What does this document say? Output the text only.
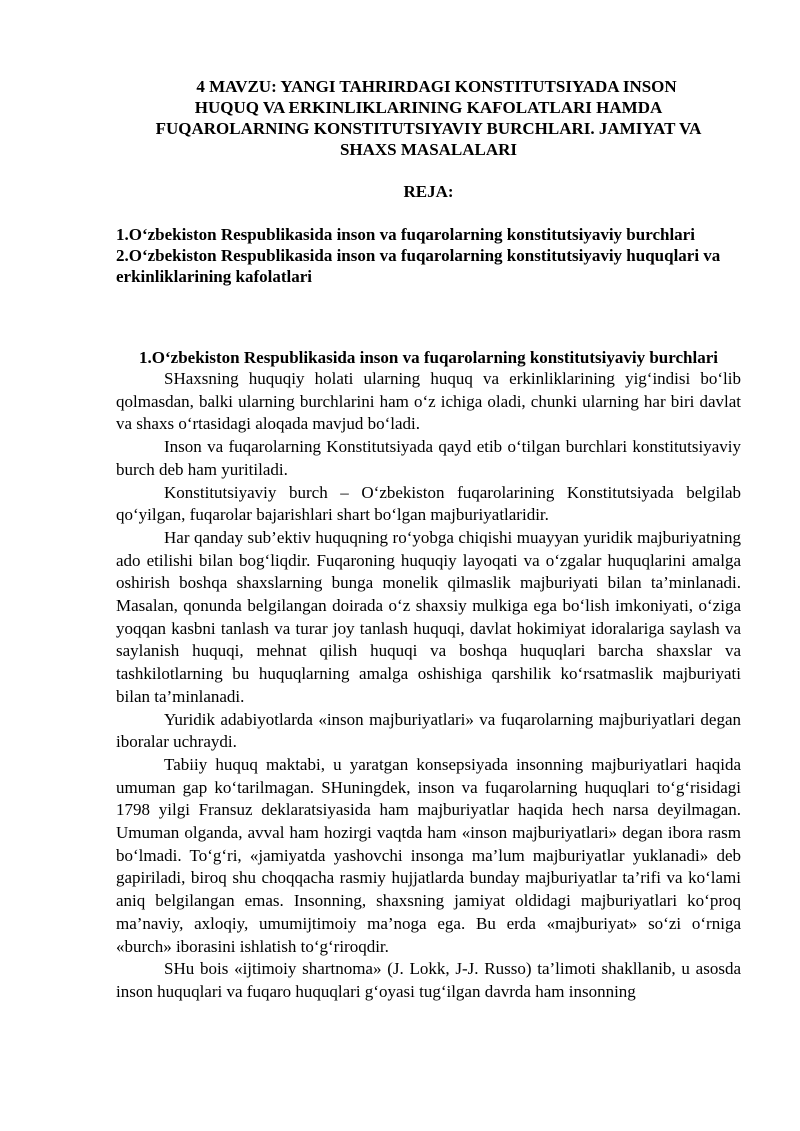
4 MAVZU: YANGI TAHRIRDAGI KONSTITUTSIYADA INSON
HUQUQ VA ERKINLIKLARINING KAFOLATLARI HAMDA
FUQAROLARNING KONSTITUTSIYAVIY BURCHLARI. JAMIYAT VA
SHAXS MASALALARI
REJA:
1.O‘zbekiston Respublikasida inson va fuqarolarning konstitutsiyaviy burchlari
2.O‘zbekiston Respublikasida inson va fuqarolarning konstitutsiyaviy huquqlari va erkinliklarining kafolatlari
1.O‘zbekiston Respublikasida inson va fuqarolarning konstitutsiyaviy burchlari

SHaxsning huquqiy holati ularning huquq va erkinliklarining yig‘indisi bo‘lib qolmasdan, balki ularning burchlarini ham o‘z ichiga oladi, chunki ularning har biri davlat va shaxs o‘rtasidagi aloqada mavjud bo‘ladi.

Inson va fuqarolarning Konstitutsiyada qayd etib o‘tilgan burchlari konstitutsiyaviy burch deb ham yuritiladi.

Konstitutsiyaviy burch – O‘zbekiston fuqarolarining Konstitutsiyada belgilab qo‘yilgan, fuqarolar bajarishlari shart bo‘lgan majburiyatlaridir.

Har qanday sub’ektiv huquqning ro‘yobga chiqishi muayyan yuridik majburiyatning ado etilishi bilan bog‘liqdir. Fuqaroning huquqiy layoqati va o‘zgalar huquqlarini amalga oshirish boshqa shaxslarning bunga monelik qilmaslik majburiyati bilan ta’minlanadi. Masalan, qonunda belgilangan doirada o‘z shaxsiy mulkiga ega bo‘lish imkoniyati, o‘ziga yoqqan kasbni tanlash va turar joy tanlash huquqi, davlat hokimiyat idoralariga saylash va saylanish huquqi, mehnat qilish huquqi va boshqa huquqlari barcha shaxslar va tashkilotlarning bu huquqlarning amalga oshishiga qarshilik ko‘rsatmaslik majburiyati bilan ta’minlanadi.

Yuridik adabiyotlarda «inson majburiyatlari» va fuqarolarning majburiyatlari degan iboralar uchraydi.

Tabiiy huquq maktabi, u yaratgan konsepsiyada insonning majburiyatlari haqida umuman gap ko‘tarilmagan. SHuningdek, inson va fuqarolarning huquqlari to‘g‘risidagi 1798 yilgi Fransuz deklaratsiyasida ham majburiyatlar haqida hech narsa deyilmagan. Umuman olganda, avval ham hozirgi vaqtda ham «inson majburiyatlari» degan ibora rasm bo‘lmadi. To‘g‘ri, «jamiyatda yashovchi insonga ma’lum majburiyatlar yuklanadi» deb gapiriladi, biroq shu choqqacha rasmiy hujjatlarda bunday majburiyatlar ta’rifi va ko‘lami aniq belgilangan emas. Insonning, shaxsning jamiyat oldidagi majburiyatlari ko‘proq ma’naviy, axloqiy, umumijtimoiy ma’noga ega. Bu erda «majburiyat» so‘zi o‘rniga «burch» iborasini ishlatish to‘g‘riroqdir.

SHu bois «ijtimoiy shartnoma» (J. Lokk, J-J. Russo) ta’limoti shakllanib, u asosda inson huquqlari va fuqaro huquqlari g‘oyasi tug‘ilgan davrda ham insonning
